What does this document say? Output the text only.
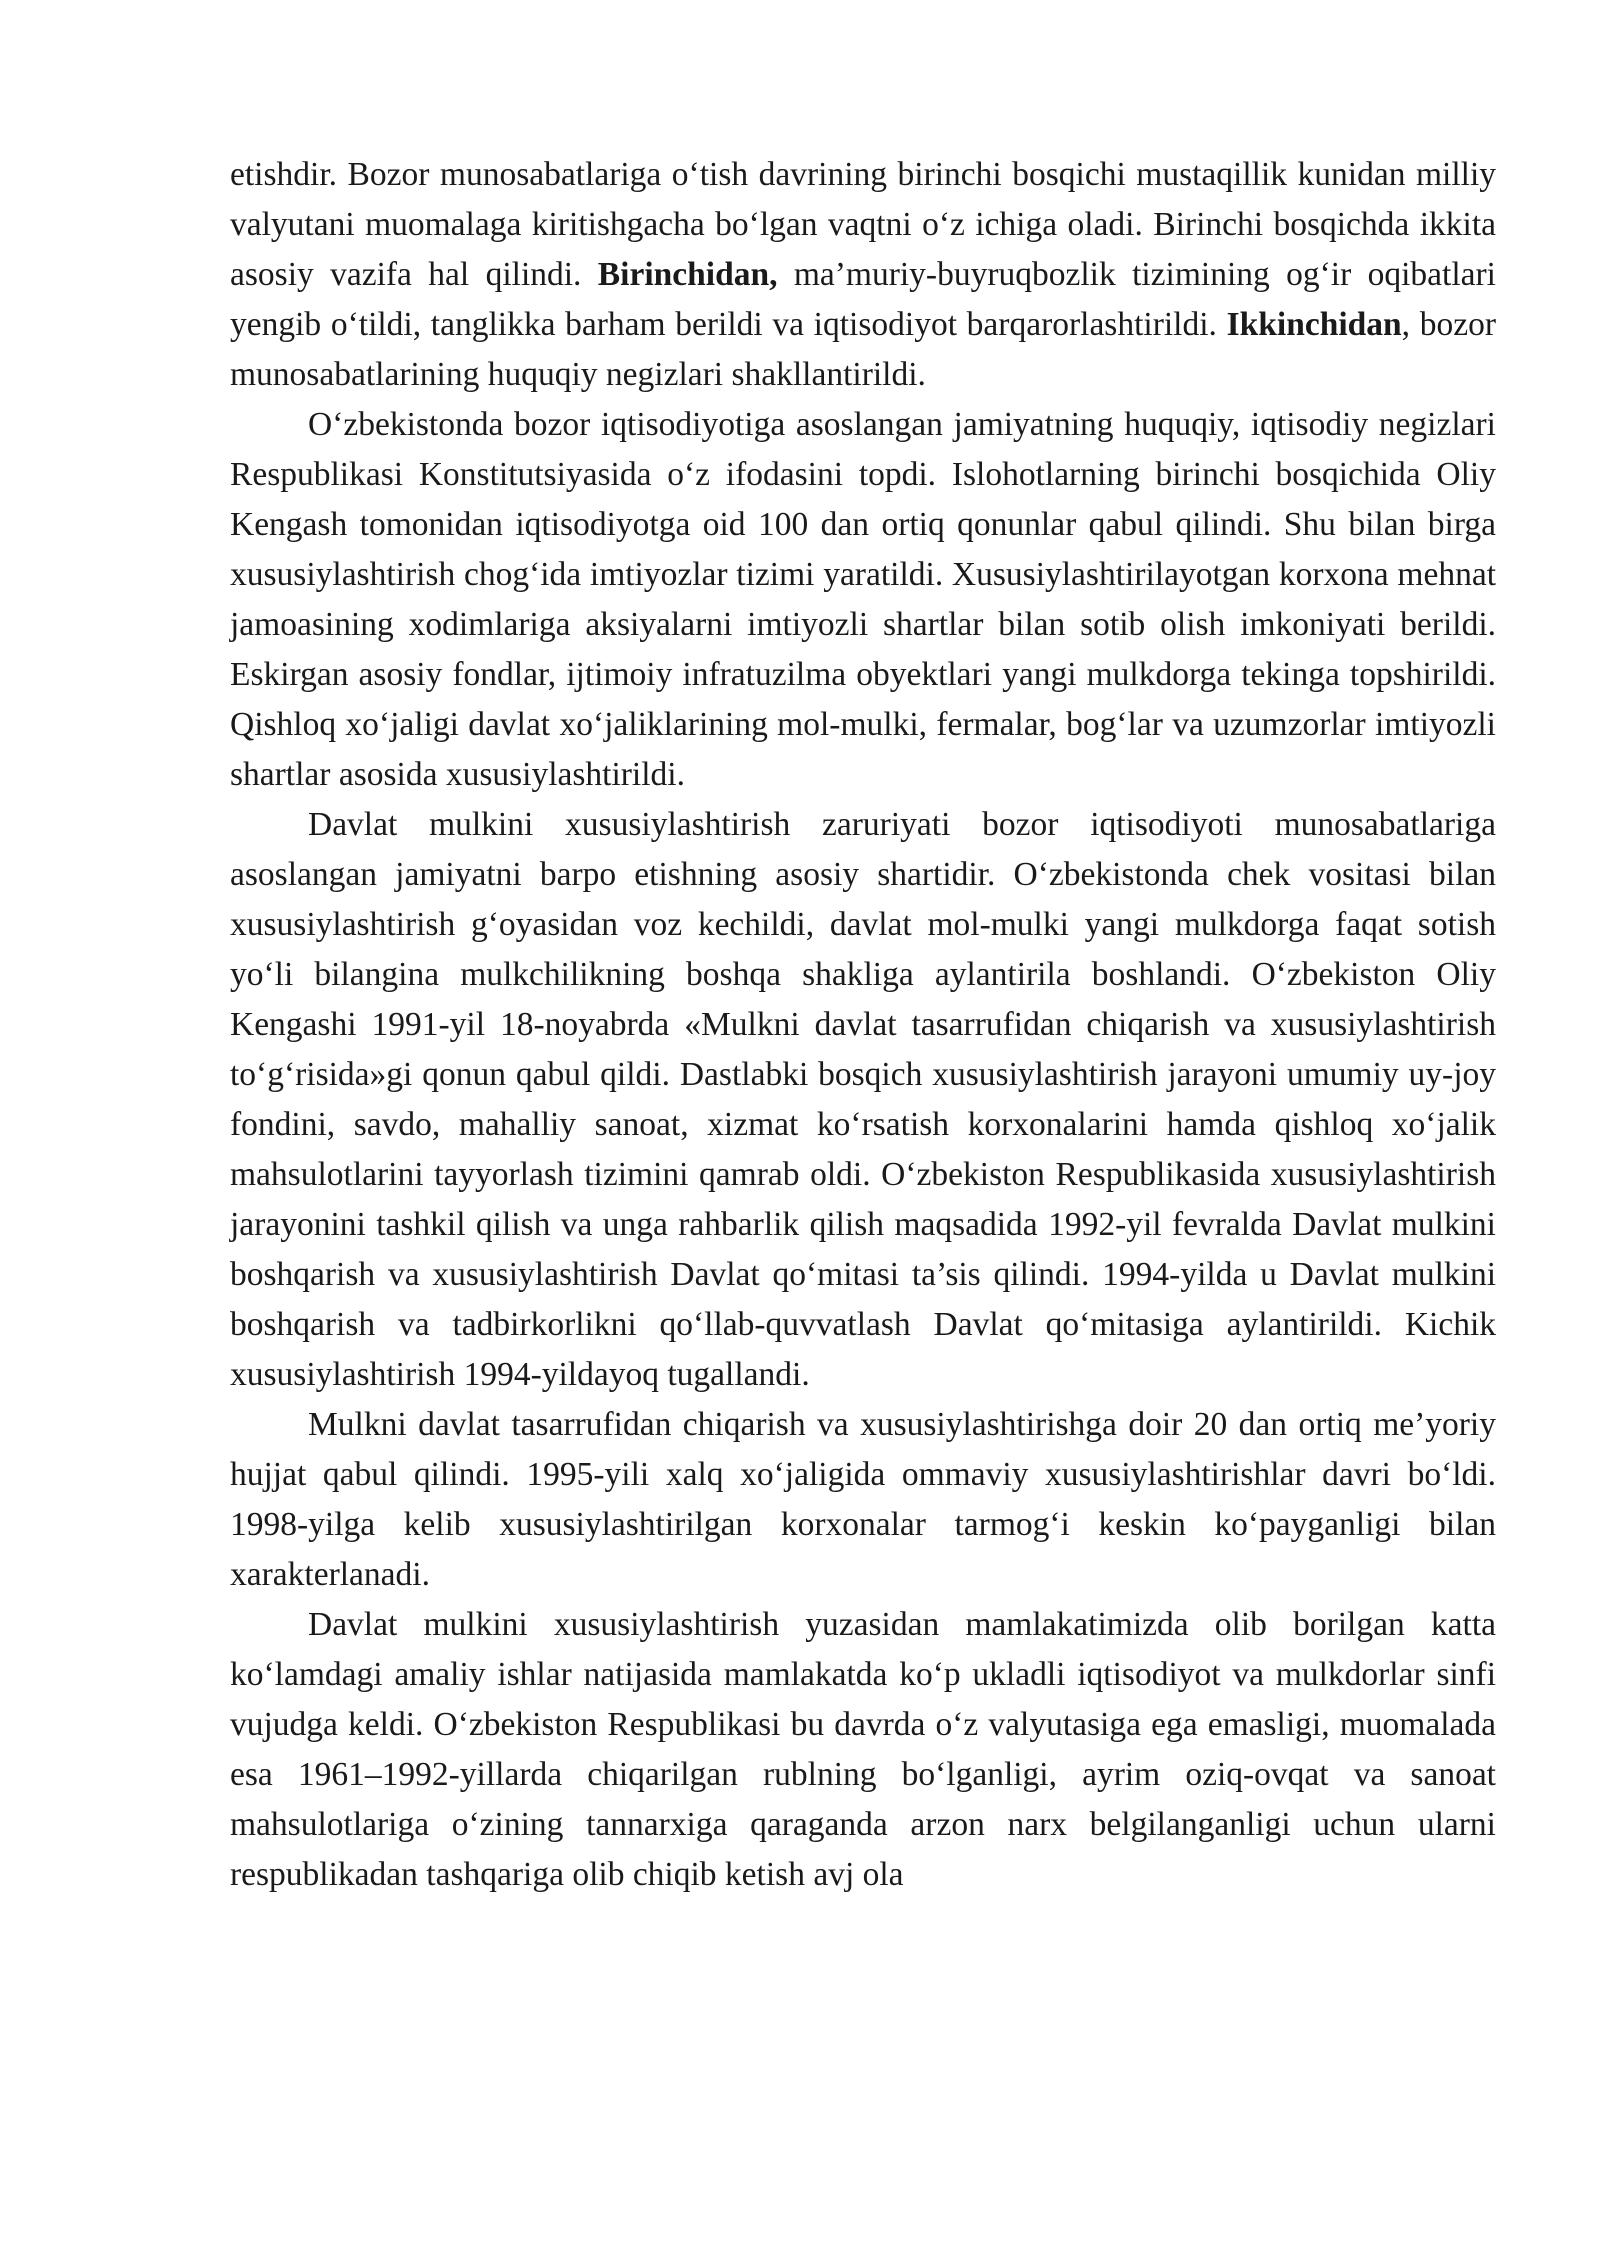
etishdir. Bozor munosabatlariga o‘tish davrining birinchi bosqichi mustaqillik kunidan milliy valyutani muomalaga kiritishgacha bo‘lgan vaqtni o‘z ichiga oladi. Birinchi bosqichda ikkita asosiy vazifa hal qilindi. Birinchidan, ma’muriy-buyruqbozlik tizimining og‘ir oqibatlari yengib o‘tildi, tanglikka barham berildi va iqtisodiyot barqarorlashtirildi. Ikkinchidan, bozor munosabatlarining huquqiy negizlari shakllantirildi.

O‘zbekistonda bozor iqtisodiyotiga asoslangan jamiyatning huquqiy, iqtisodiy negizlari Respublikasi Konstitutsiyasida o‘z ifodasini topdi. Islohotlarning birinchi bosqichida Oliy Kengash tomonidan iqtisodiyotga oid 100 dan ortiq qonunlar qabul qilindi. Shu bilan birga xususiylashtirish chog‘ida imtiyozlar tizimi yaratildi. Xususiylashtirilayotgan korxona mehnat jamoasining xodimlariga aksiyalarni imtiyozli shartlar bilan sotib olish imkoniyati berildi. Eskirgan asosiy fondlar, ijtimoiy infratuzilma obyektlari yangi mulkdorga tekinga topshirildi. Qishloq xo‘jaligi davlat xo‘jaliklarining mol-mulki, fermalar, bog‘lar va uzumzorlar imtiyozli shartlar asosida xususiylashtirildi.

Davlat mulkini xususiylashtirish zaruriyati bozor iqtisodiyoti munosabatlariga asoslangan jamiyatni barpo etishning asosiy shartidir. O‘zbekistonda chek vositasi bilan xususiylashtirish g‘oyasidan voz kechildi, davlat mol-mulki yangi mulkdorga faqat sotish yo‘li bilangina mulkchilikning boshqa shakliga aylantirila boshlandi. O‘zbekiston Oliy Kengashi 1991-yil 18-noyabrda «Mulkni davlat tasarrufidan chiqarish va xususiylashtirish to‘g‘risida»gi qonun qabul qildi. Dastlabki bosqich xususiylashtirish jarayoni umumiy uy-joy fondini, savdo, mahalliy sanoat, xizmat ko‘rsatish korxonalarini hamda qishloq xo‘jalik mahsulotlarini tayyorlash tizimini qamrab oldi. O‘zbekiston Respublikasida xususiylashtirish jarayonini tashkil qilish va unga rahbarlik qilish maqsadida 1992-yil fevralda Davlat mulkini boshqarish va xususiylashtirish Davlat qo‘mitasi ta’sis qilindi. 1994-yilda u Davlat mulkini boshqarish va tadbirkorlikni qo‘llab-quvvatlash Davlat qo‘mitasiga aylantirildi. Kichik xususiylashtirish 1994-yildayoq tugallandi.

Mulkni davlat tasarrufidan chiqarish va xususiylashtirishga doir 20 dan ortiq me’yoriy hujjat qabul qilindi. 1995-yili xalq xo‘jaligida ommaviy xususiylashtirishlar davri bo‘ldi. 1998-yilga kelib xususiylashtirilgan korxonalar tarmog‘i keskin ko‘payganligi bilan xarakterlanadi.

Davlat mulkini xususiylashtirish yuzasidan mamlakatimizda olib borilgan katta ko‘lamdagi amaliy ishlar natijasida mamlakatda ko‘p ukladli iqtisodiyot va mulkdorlar sinfi vujudga keldi. O‘zbekiston Respublikasi bu davrda o‘z valyutasiga ega emasligi, muomalada esa 1961–1992-yillarda chiqarilgan rublning bo‘lganligi, ayrim oziq-ovqat va sanoat mahsulotlariga o‘zining tannarxiga qaraganda arzon narx belgilanganligi uchun ularni respublikadan tashqariga olib chiqib ketish avj ola
